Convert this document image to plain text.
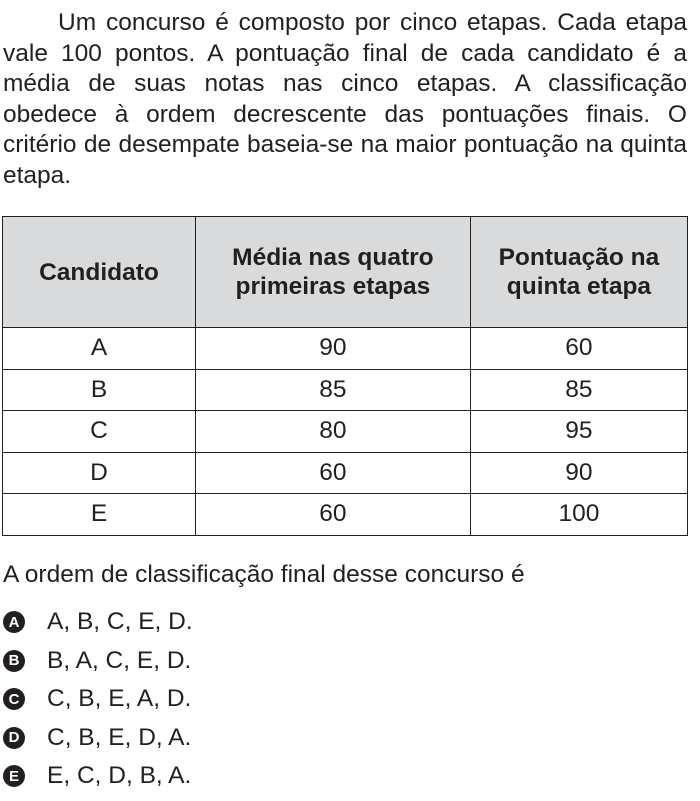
Um concurso é composto por cinco etapas. Cada etapa vale 100 pontos. A pontuação final de cada candidato é a média de suas notas nas cinco etapas. A classificação obedece à ordem decrescente das pontuações finais. O critério de desempate baseia-se na maior pontuação na quinta etapa.

Candidato	Média nas quatro primeiras etapas	Pontuação na quinta etapa
A	90	60
B	85	85
C	80	95
D	60	90
E	60	100

A ordem de classificação final desse concurso é

A A, B, C, E, D.
B B, A, C, E, D.
C C, B, E, A, D.
D C, B, E, D, A.
E E, C, D, B, A.
